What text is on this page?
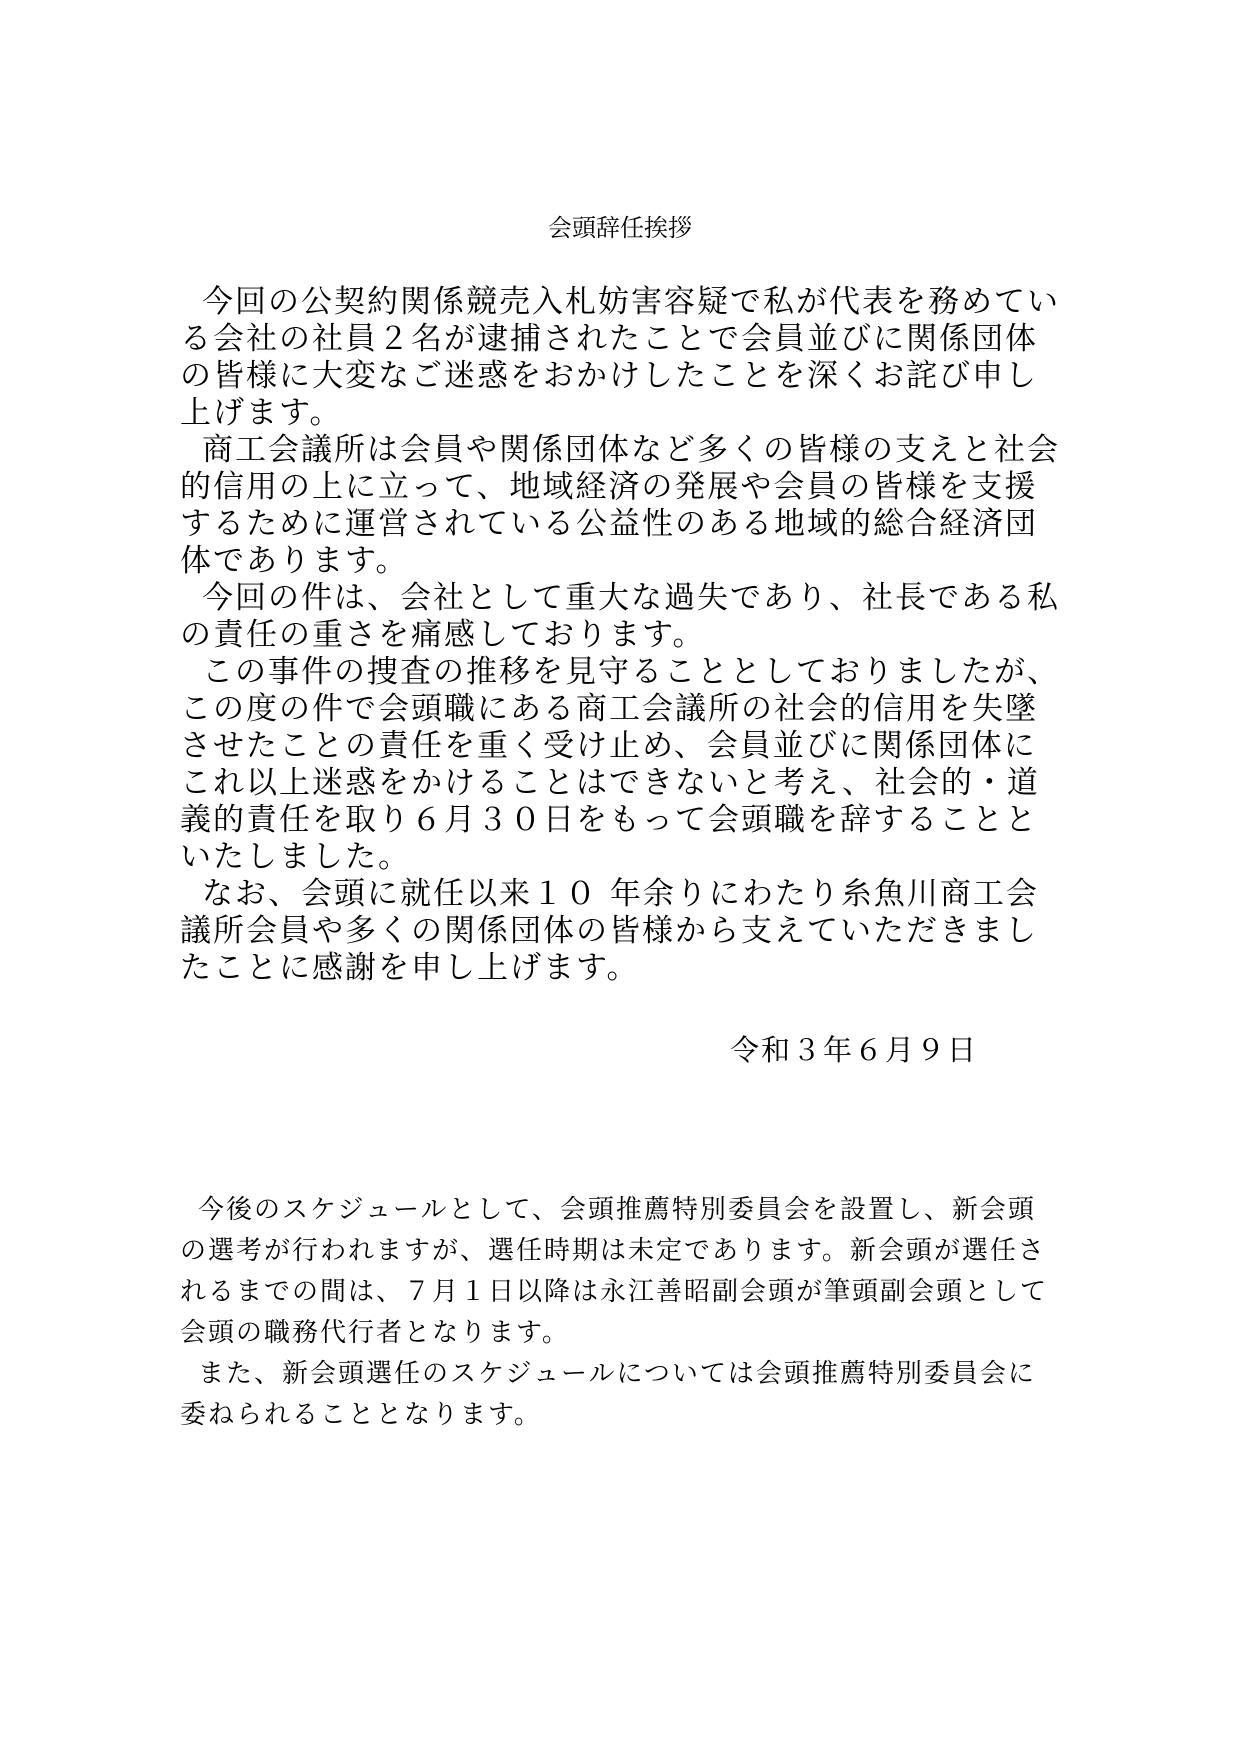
会頭辞任挨拶

今回の公契約関係競売入札妨害容疑で私が代表を務めている会社の社員２名が逮捕されたことで会員並びに関係団体の皆様に大変なご迷惑をおかけしたことを深くお詫び申し上げます。

商工会議所は会員や関係団体など多くの皆様の支えと社会的信用の上に立って、地域経済の発展や会員の皆様を支援するために運営されている公益性のある地域的総合経済団体であります。

今回の件は、会社として重大な過失であり、社長である私の責任の重さを痛感しております。

この事件の捜査の推移を見守ることとしておりましたが、この度の件で会頭職にある商工会議所の社会的信用を失墜させたことの責任を重く受け止め、会員並びに関係団体にこれ以上迷惑をかけることはできないと考え、社会的・道義的責任を取り６月３０日をもって会頭職を辞することといたしました。

なお、会頭に就任以来１０ 年余りにわたり糸魚川商工会議所会員や多くの関係団体の皆様から支えていただきましたことに感謝を申し上げます。

令和３年６月９日

今後のスケジュールとして、会頭推薦特別委員会を設置し、新会頭の選考が行われますが、選任時期は未定であります。新会頭が選任されるまでの間は、７月１日以降は永江善昭副会頭が筆頭副会頭として会頭の職務代行者となります。

また、新会頭選任のスケジュールについては会頭推薦特別委員会に委ねられることとなります。
